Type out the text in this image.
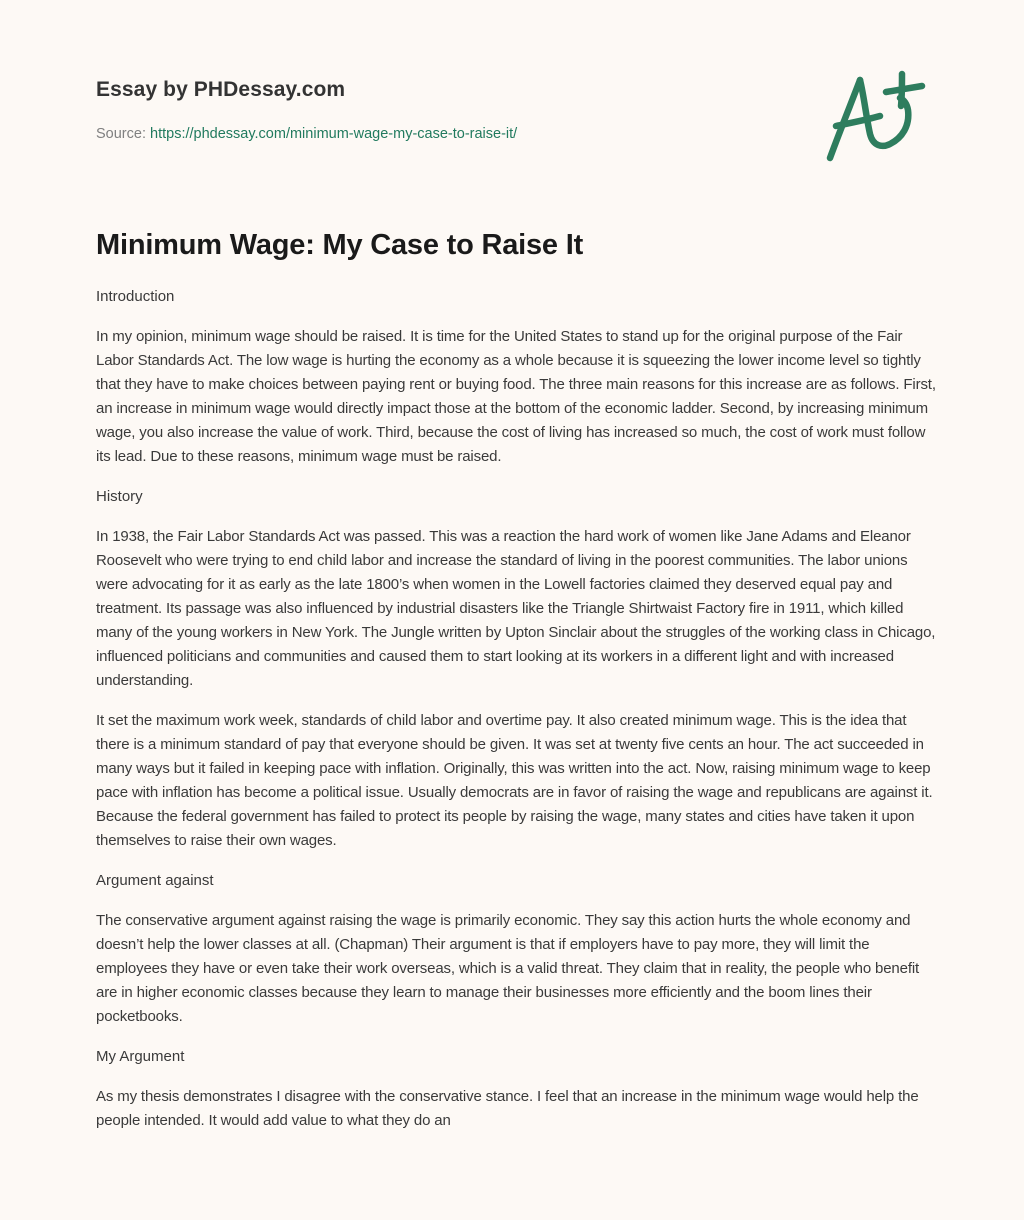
Essay by PHDessay.com
Source: https://phdessay.com/minimum-wage-my-case-to-raise-it/
Minimum Wage: My Case to Raise It
Introduction

In my opinion, minimum wage should be raised. It is time for the United States to stand up for the original purpose of the Fair Labor Standards Act. The low wage is hurting the economy as a whole because it is squeezing the lower income level so tightly that they have to make choices between paying rent or buying food. The three main reasons for this increase are as follows. First, an increase in minimum wage would directly impact those at the bottom of the economic ladder. Second, by increasing minimum wage, you also increase the value of work. Third, because the cost of living has increased so much, the cost of work must follow its lead. Due to these reasons, minimum wage must be raised.

History

In 1938, the Fair Labor Standards Act was passed. This was a reaction the hard work of women like Jane Adams and Eleanor Roosevelt who were trying to end child labor and increase the standard of living in the poorest communities. The labor unions were advocating for it as early as the late 1800’s when women in the Lowell factories claimed they deserved equal pay and treatment. Its passage was also influenced by industrial disasters like the Triangle Shirtwaist Factory fire in 1911, which killed many of the young workers in New York. The Jungle written by Upton Sinclair about the struggles of the working class in Chicago, influenced politicians and communities and caused them to start looking at its workers in a different light and with increased understanding.

It set the maximum work week, standards of child labor and overtime pay. It also created minimum wage. This is the idea that there is a minimum standard of pay that everyone should be given. It was set at twenty five cents an hour. The act succeeded in many ways but it failed in keeping pace with inflation. Originally, this was written into the act. Now, raising minimum wage to keep pace with inflation has become a political issue. Usually democrats are in favor of raising the wage and republicans are against it. Because the federal government has failed to protect its people by raising the wage, many states and cities have taken it upon themselves to raise their own wages.

Argument against

The conservative argument against raising the wage is primarily economic. They say this action hurts the whole economy and doesn’t help the lower classes at all. (Chapman) Their argument is that if employers have to pay more, they will limit the employees they have or even take their work overseas, which is a valid threat. They claim that in reality, the people who benefit are in higher economic classes because they learn to manage their businesses more efficiently and the boom lines their pocketbooks.

My Argument

As my thesis demonstrates I disagree with the conservative stance. I feel that an increase in the minimum wage would help the people intended. It would add value to what they do an
